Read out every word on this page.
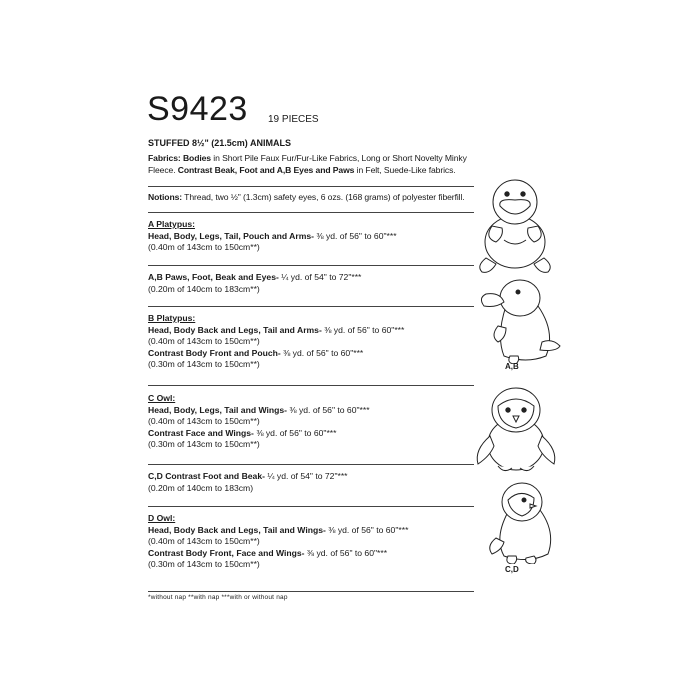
S9423 19 PIECES
STUFFED 8½" (21.5cm) ANIMALS
Fabrics: Bodies in Short Pile Faux Fur/Fur-Like Fabrics, Long or Short Novelty Minky Fleece. Contrast Beak, Foot and A,B Eyes and Paws in Felt, Suede-Like fabrics.
Notions: Thread, two ½" (1.3cm) safety eyes, 6 ozs. (168 grams) of polyester fiberfill.
A Platypus:
Head, Body, Legs, Tail, Pouch and Arms- ⅜ yd. of 56" to 60"***
(0.40m of 143cm to 150cm**)
A,B Paws, Foot, Beak and Eyes- ¼ yd. of 54" to 72"***
(0.20m of 140cm to 183cm**)
B Platypus:
Head, Body Back and Legs, Tail and Arms- ⅜ yd. of 56" to 60"***
(0.40m of 143cm to 150cm**)
Contrast Body Front and Pouch- ⅜ yd. of 56" to 60"***
(0.30m of 143cm to 150cm**)
C Owl:
Head, Body, Legs, Tail and Wings- ⅜ yd. of 56" to 60"***
(0.40m of 143cm to 150cm**)
Contrast Face and Wings- ⅜ yd. of 56" to 60"***
(0.30m of 143cm to 150cm**)
C,D Contrast Foot and Beak- ¼ yd. of 54" to 72"***
(0.20m of 140cm to 183cm)
D Owl:
Head, Body Back and Legs, Tail and Wings- ⅜ yd. of 56" to 60"***
(0.40m of 143cm to 150cm**)
Contrast Body Front, Face and Wings- ⅜ yd. of 56" to 60"***
(0.30m of 143cm to 150cm**)
*without nap **with nap ***with or without nap
A,B
C,D
